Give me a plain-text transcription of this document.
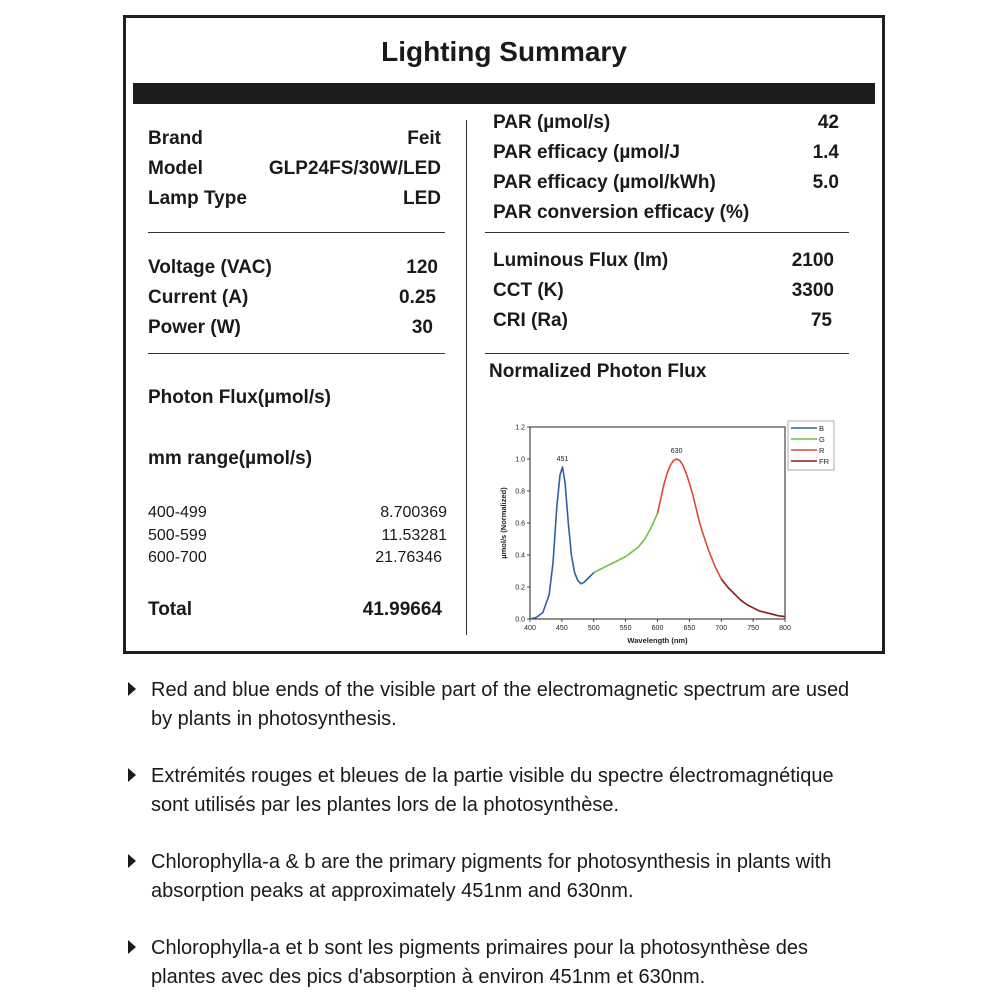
Lighting Summary
Brand	Feit
Model	GLP24FS/30W/LED
Lamp Type	LED
Voltage (VAC)	120
Current (A)	0.25
Power (W)	30
Photon Flux(µmol/s)
mm range(µmol/s)
400-499	8.700369
500-599	11.53281
600-700	21.76346
Total	41.99664
PAR (µmol/s)	42
PAR efficacy (µmol/J	1.4
PAR efficacy (µmol/kWh)	5.0
PAR conversion efficacy (%)
Luminous Flux (lm)	2100
CCT (K)	3300
CRI (Ra)	75
Normalized Photon Flux
400	450	500	550	600	650	700	750	800
0.0
0.2
0.4
0.6
0.8
1.0
1.2
Wavelength (nm)
µmol/s (Normalized)
451
630
B
G
R
FR
Red and blue ends of the visible part of the electromagnetic spectrum are used
by plants in photosynthesis.
Extrémités rouges et bleues de la partie visible du spectre électromagnétique
sont utilisés par les plantes lors de la photosynthèse.
Chlorophylla-a & b are the primary pigments for photosynthesis in plants with
absorption peaks at approximately 451nm and 630nm.
Chlorophylla-a et b sont les pigments primaires pour la photosynthèse des
plantes avec des pics d'absorption à environ 451nm et 630nm.
